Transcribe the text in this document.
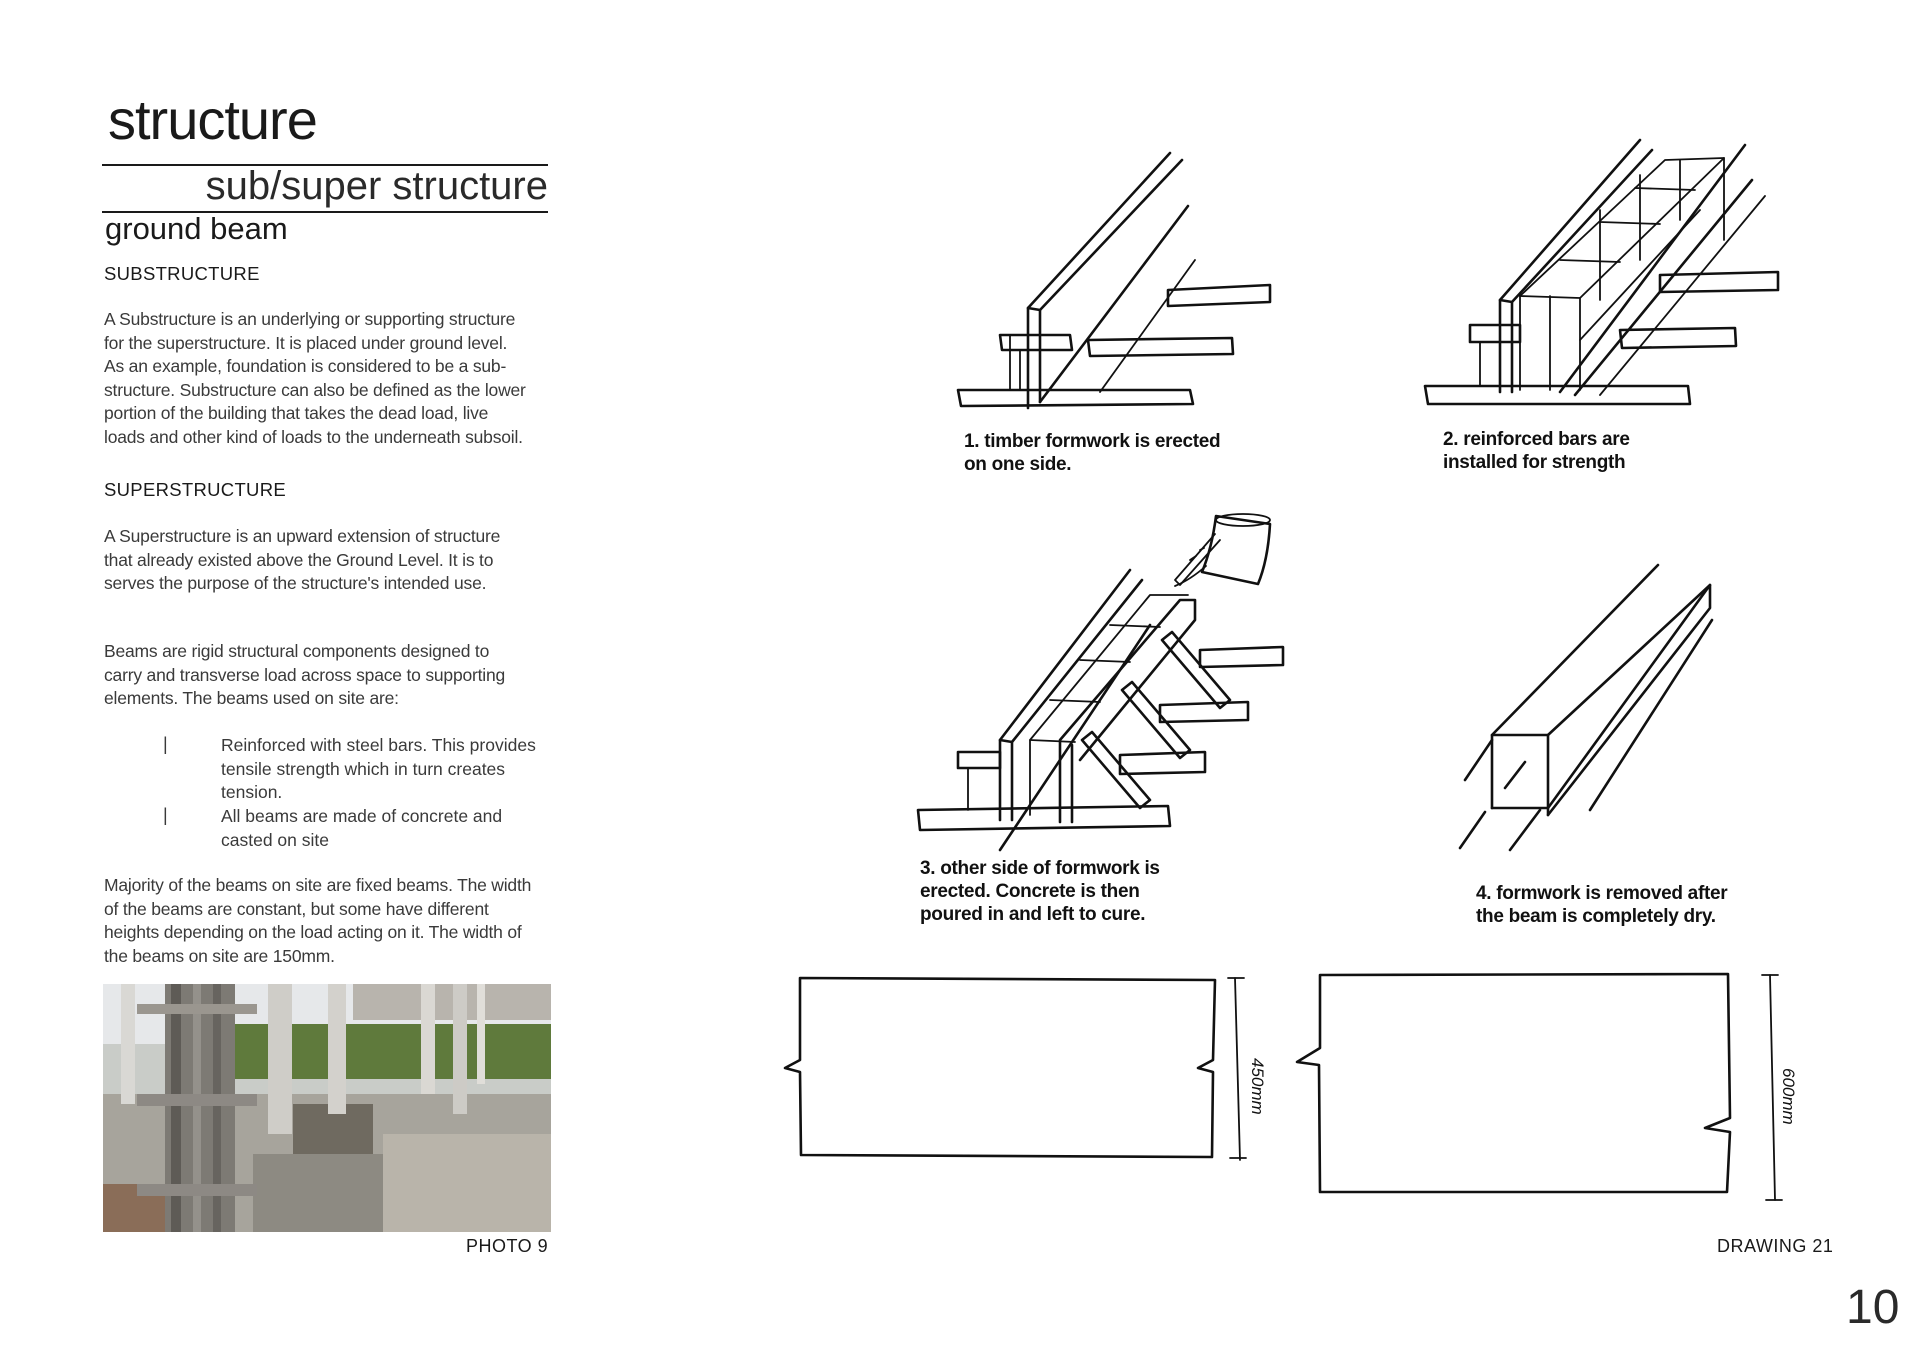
structure
sub/super structure
ground beam
SUBSTRUCTURE
A Substructure is an underlying or supporting structure
for the superstructure. It is placed under ground level.
As an example, foundation is considered to be a sub-
structure. Substructure can also be defined as the lower
portion of the building that takes the dead load, live
loads and other kind of loads to the underneath subsoil.
SUPERSTRUCTURE
A Superstructure is an upward extension of structure
that already existed above the Ground Level. It is to
serves the purpose of the structure's intended use.
Beams are rigid structural components designed to
carry and transverse load across space to supporting
elements. The beams used on site are:
|	Reinforced with steel bars. This provides
tensile strength which in turn creates
tension.
|	All beams are made of concrete and
casted on site
Majority of the beams on site are fixed beams. The width
of the beams are constant, but some have different
heights depending on the load acting on it. The width of
the beams on site are 150mm.
PHOTO 9
450mm	600mm
1. timber formwork is erected
on one side.
2. reinforced bars are
installed for strength
3. other side of formwork is
erected. Concrete is then
poured in and left to cure.
4. formwork is removed after
the beam is completely dry.
DRAWING 21
10
